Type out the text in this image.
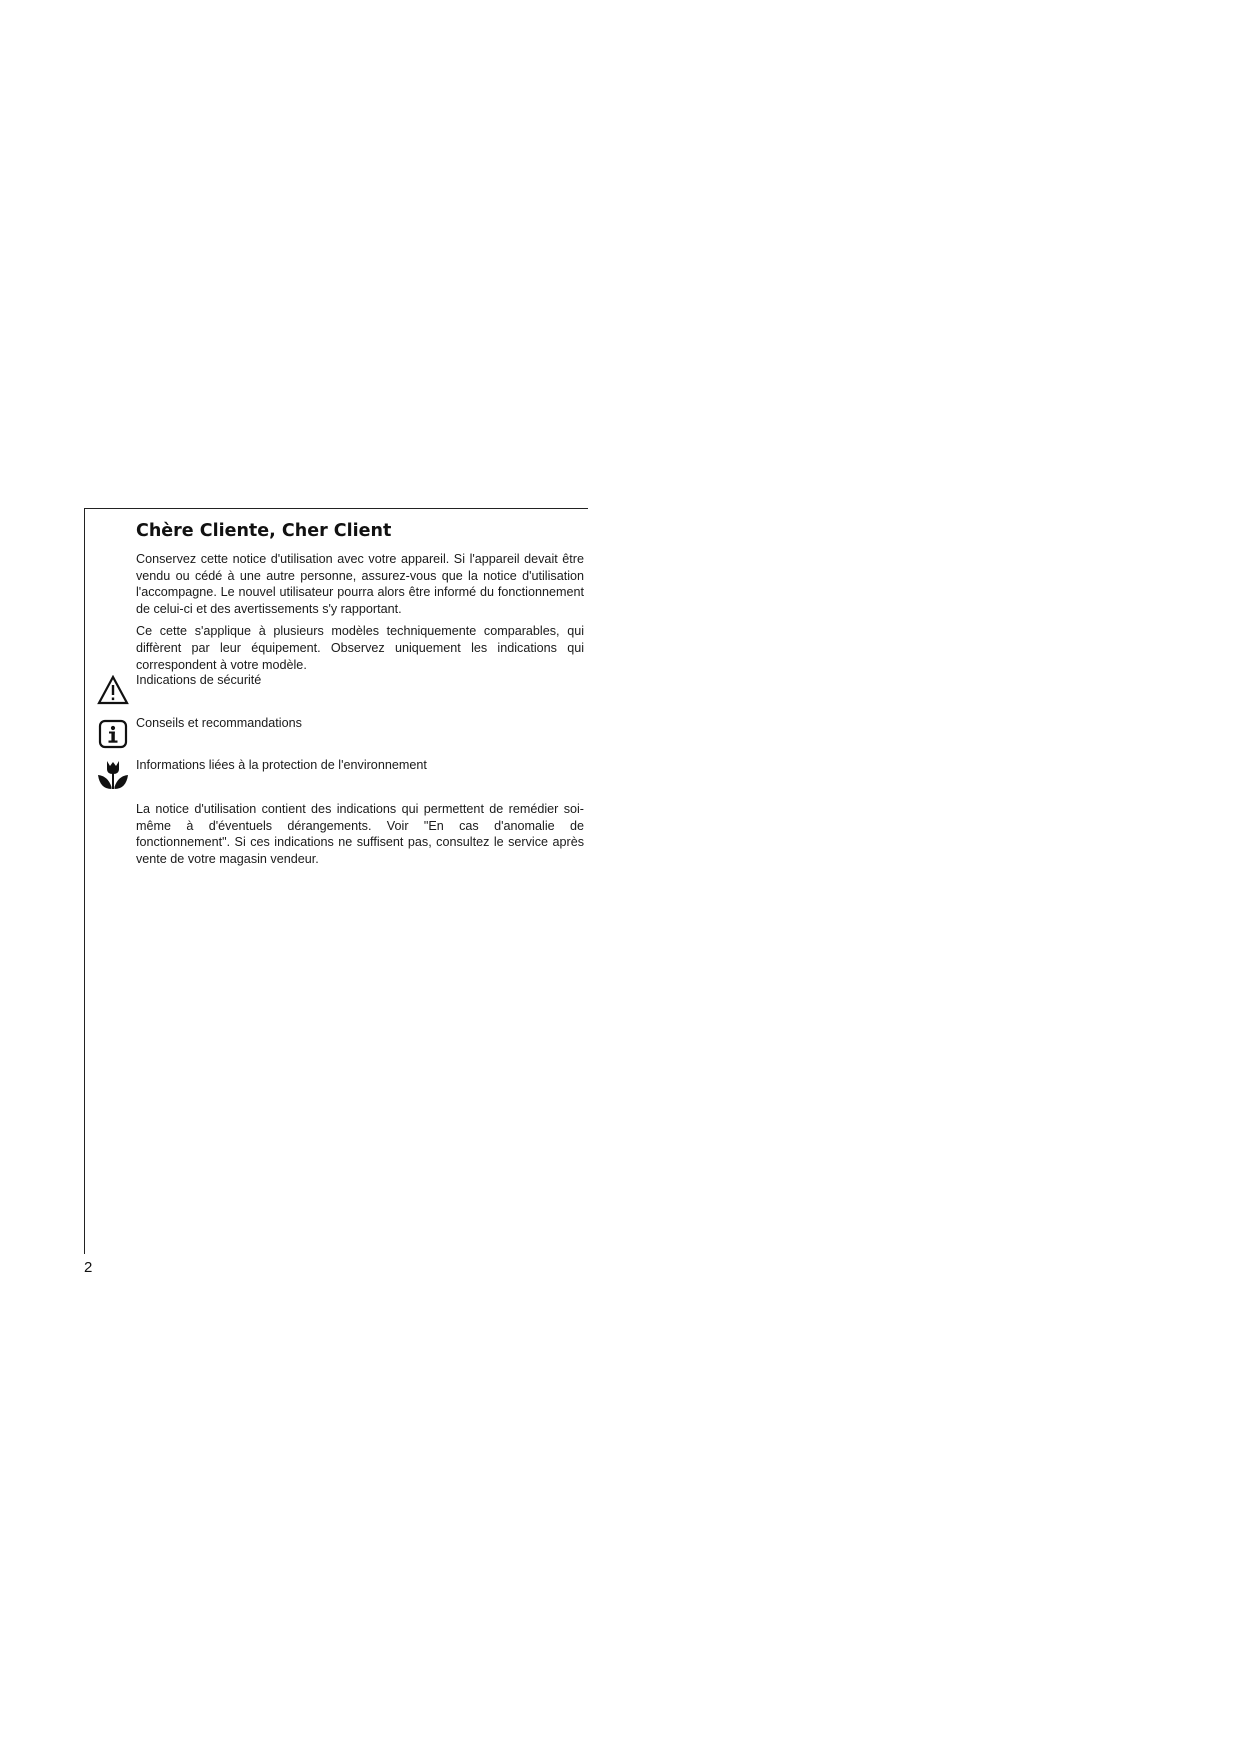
Chère Cliente, Cher Client

Conservez cette notice d'utilisation avec votre appareil. Si l'appareil devait être vendu ou cédé à une autre personne, assurez-vous que la notice d'utilisation l'accompagne. Le nouvel utilisateur pourra alors être informé du fonctionnement de celui-ci et des avertissements s'y rapportant.

Ce cette s'applique à plusieurs modèles techniquemente comparables, qui diffèrent par leur équipement. Observez uniquement les indications qui correspondent à votre modèle.

Indications de sécurité
Conseils et recommandations
Informations liées à la protection de l'environnement

La notice d'utilisation contient des indications qui permettent de remédier soi-même à d'éventuels dérangements. Voir "En cas d'anomalie de fonctionnement". Si ces indications ne suffisent pas, consultez le service après vente de votre magasin vendeur.

2
